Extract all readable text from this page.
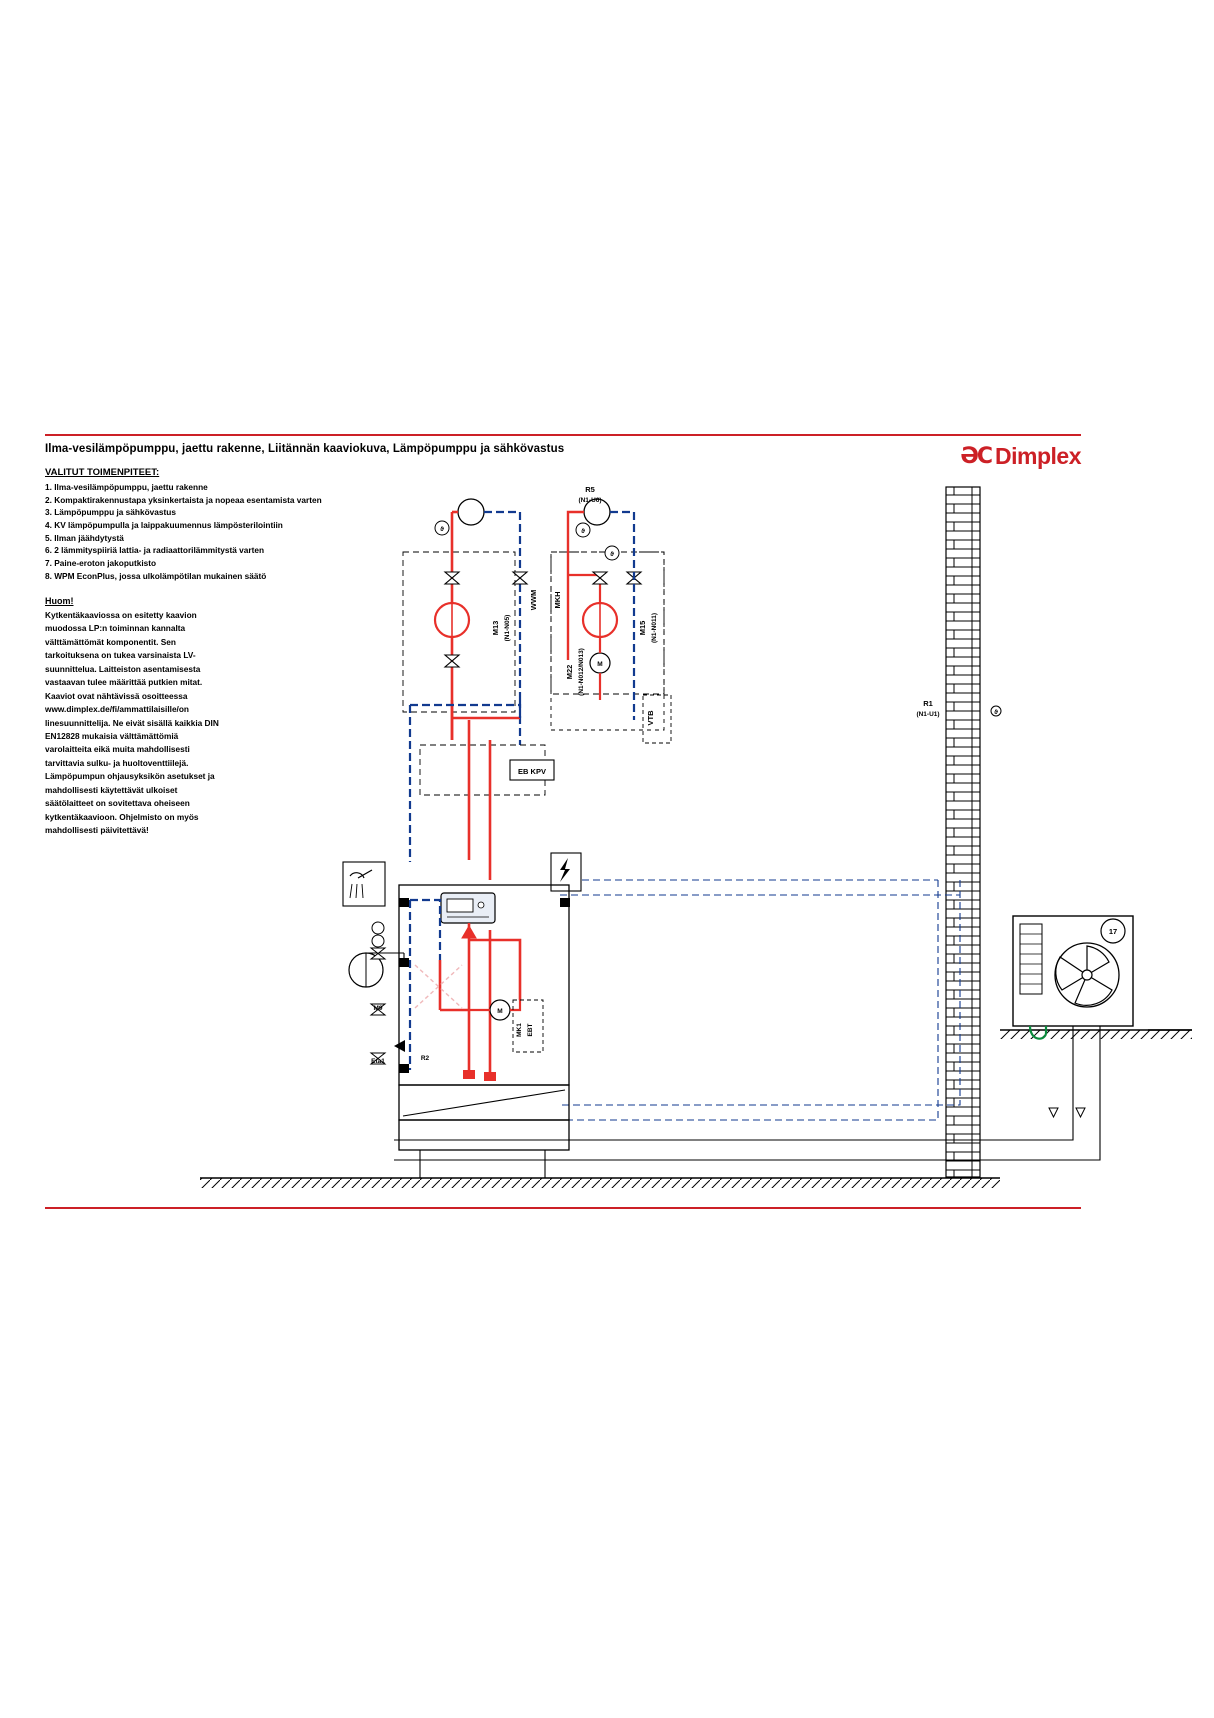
Ilma-vesilämpöpumppu, jaettu rakenne, Liitännän kaaviokuva, Lämpöpumppu ja sähkövastus	ƏC Dimplex
VALITUT TOIMENPITEET:
1. Ilma-vesilämpöpumppu, jaettu rakenne
2. Kompaktirakennustapa yksinkertaista ja nopeaa esentamista varten
3. Lämpöpumppu ja sähkövastus
4. KV lämpöpumpulla ja laippakuumennus lämpösterilointiin
5. Ilman jäähdytystä
6. 2 lämmityspiiriä lattia- ja radiaattorilämmitystä varten
7. Paine-eroton jakoputkisto
8. WPM EconPlus, jossa ulkolämpötilan mukainen säätö
Huom!
Kytkentäkaaviossa on esitetty kaavion muodossa LP:n toiminnan kannalta välttämättömät komponentit. Sen tarkoituksena on tukea varsinaista LV-suunnittelua. Laitteiston asentamisesta vastaavan tulee määrittää putkien mitat. Kaaviot ovat nähtävissä osoitteessa www.dimplex.de/fi/ammattilaisille/on linesuunnittelija. Ne eivät sisällä kaikkia DIN EN12828 mukaisia välttämättömiä varolaitteita eikä muita mahdollisesti tarvittavia sulku- ja huoltoventtiilejä. Lämpöpumpun ohjausyksikön asetukset ja mahdollisesti käytettävät ulkoiset säätölaitteet on sovitettava oheiseen kytkentäkaavioon. Ohjelmisto on myös mahdollisesti päivitettävä!
17
R1
(N1-U1)	ϑ
ϑ
M13 (N1-N05)
WWM
ϑ
ϑ
R5
(N1-U6)
MKH
M15 (N1-N011)
M
M22 (N1-N012/N013)
VTB
EB KPV
M9
Eta1	R2
M
MK1 EBT
